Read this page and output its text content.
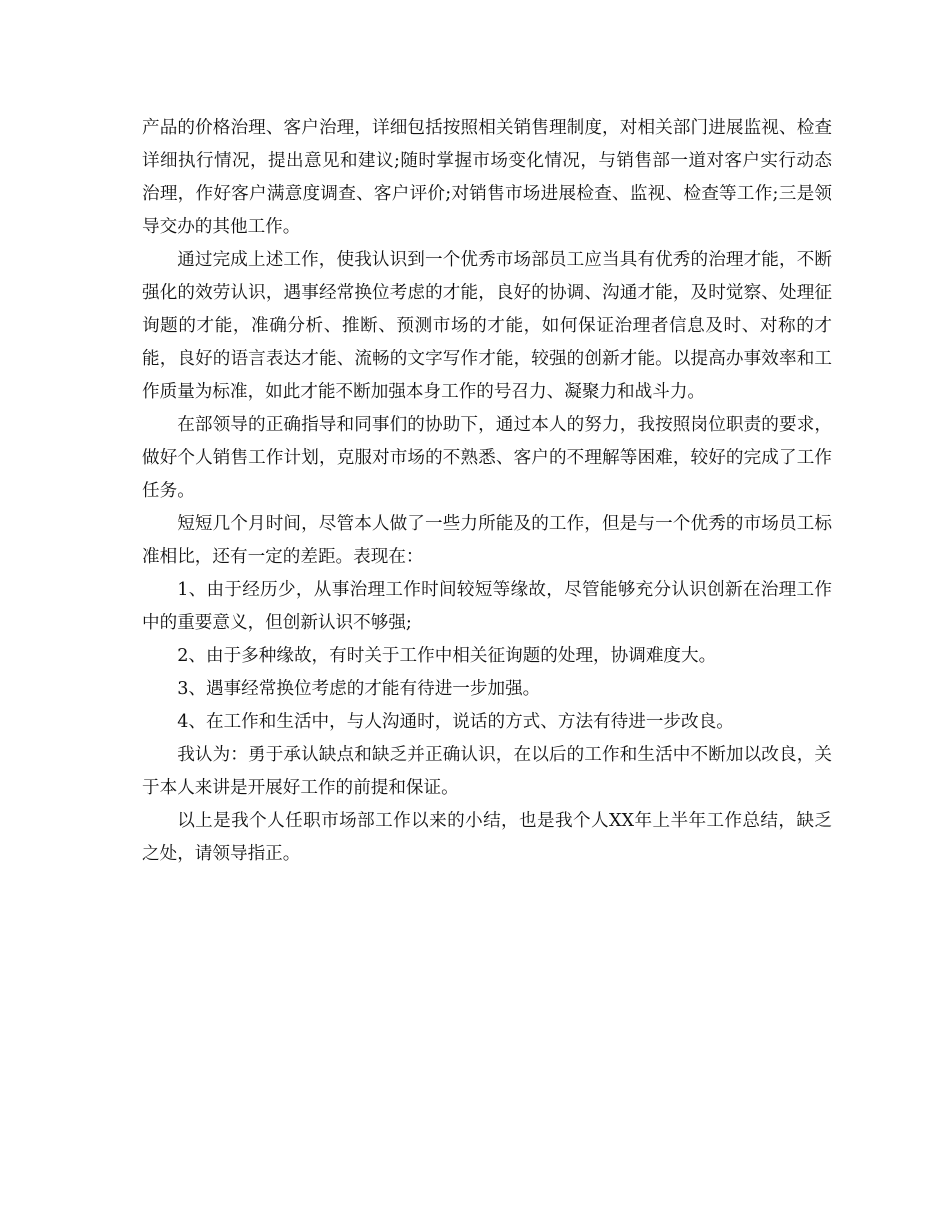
产品的价格治理、客户治理，详细包括按照相关销售理制度，对相关部门进展监视、检查详细执行情况，提出意见和建议;随时掌握市场变化情况，与销售部一道对客户实行动态治理，作好客户满意度调查、客户评价;对销售市场进展检查、监视、检查等工作;三是领导交办的其他工作。

通过完成上述工作，使我认识到一个优秀市场部员工应当具有优秀的治理才能，不断强化的效劳认识，遇事经常换位考虑的才能，良好的协调、沟通才能，及时觉察、处理征询题的才能，准确分析、推断、预测市场的才能，如何保证治理者信息及时、对称的才能，良好的语言表达才能、流畅的文字写作才能，较强的创新才能。以提高办事效率和工作质量为标准，如此才能不断加强本身工作的号召力、凝聚力和战斗力。

在部领导的正确指导和同事们的协助下，通过本人的努力，我按照岗位职责的要求，做好个人销售工作计划，克服对市场的不熟悉、客户的不理解等困难，较好的完成了工作任务。

短短几个月时间，尽管本人做了一些力所能及的工作，但是与一个优秀的市场员工标准相比，还有一定的差距。表现在：

1、由于经历少，从事治理工作时间较短等缘故，尽管能够充分认识创新在治理工作中的重要意义，但创新认识不够强;

2、由于多种缘故，有时关于工作中相关征询题的处理，协调难度大。

3、遇事经常换位考虑的才能有待进一步加强。

4、在工作和生活中，与人沟通时，说话的方式、方法有待进一步改良。

我认为：勇于承认缺点和缺乏并正确认识，在以后的工作和生活中不断加以改良，关于本人来讲是开展好工作的前提和保证。

以上是我个人任职市场部工作以来的小结，也是我个人XX年上半年工作总结，缺乏之处，请领导指正。
